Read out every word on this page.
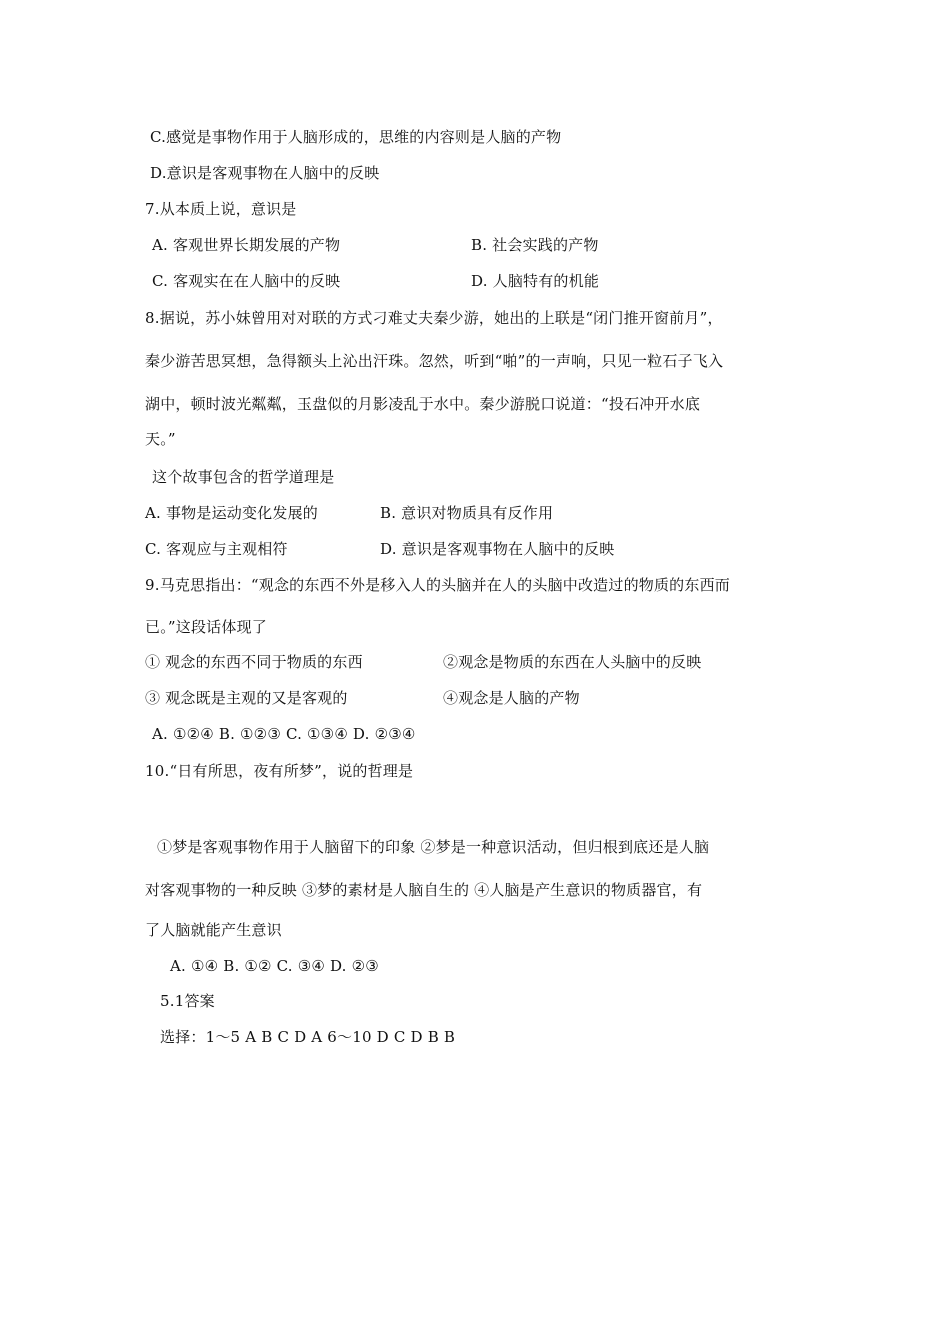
C.感觉是事物作用于人脑形成的，思维的内容则是人脑的产物
D.意识是客观事物在人脑中的反映
7.从本质上说，意识是
A. 客观世界长期发展的产物	B. 社会实践的产物
C. 客观实在在人脑中的反映	D. 人脑特有的机能
8.据说，苏小妹曾用对对联的方式刁难丈夫秦少游，她出的上联是“闭门推开窗前月”，
秦少游苦思冥想，急得额头上沁出汗珠。忽然，听到“啪”的一声响，只见一粒石子飞入
湖中，顿时波光粼粼，玉盘似的月影凌乱于水中。秦少游脱口说道：“投石冲开水底
天。”
这个故事包含的哲学道理是
A. 事物是运动变化发展的	B. 意识对物质具有反作用
C. 客观应与主观相符	D. 意识是客观事物在人脑中的反映
9.马克思指出：“观念的东西不外是移入人的头脑并在人的头脑中改造过的物质的东西而
已。”这段话体现了
① 观念的东西不同于物质的东西	②观念是物质的东西在人头脑中的反映
③ 观念既是主观的又是客观的	④观念是人脑的产物
A. ①②④ B. ①②③ C. ①③④ D. ②③④
10.“日有所思，夜有所梦”，说的哲理是
①梦是客观事物作用于人脑留下的印象 ②梦是一种意识活动，但归根到底还是人脑
对客观事物的一种反映 ③梦的素材是人脑自生的 ④人脑是产生意识的物质器官，有
了人脑就能产生意识
A. ①④ B. ①② C. ③④ D. ②③
5.1答案
选择：1～5 A B C D A 6～10 D C D B B
